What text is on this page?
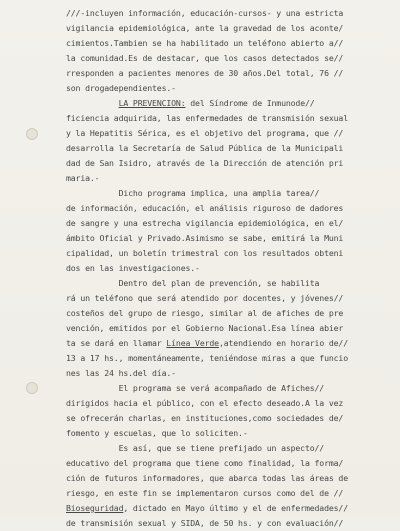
///-incluyen información, educación-cursos- y una estricta
vigilancia epidemiológica, ante la gravedad de los aconte/
cimientos.Tambien se ha habilitado un teléfono abierto a//
la comunidad.Es de destacar, que los casos detectados se//
rresponden a pacientes menores de 30 años.Del total, 76 //
son drogadependientes.-
LA PREVENCION: del Síndrome de Inmunode//
ficiencia adquirida, las enfermedades de transmisión sexual
y la Hepatitis Sérica, es el objetivo del programa, que //
desarrolla la Secretaría de Salud Pública de la Municipali
dad de San Isidro, através de la Dirección de atención pri
maria.-
Dicho programa implica, una amplia tarea//
de información, educación, el análisis riguroso de dadores
de sangre y una estrecha vigilancia epidemiológica, en el/
ámbito Oficial y Privado.Asimismo se sabe, emitirá la Muni
cipalidad, un boletín trimestral con los resultados obteni
dos en las investigaciones.-
Dentro del plan de prevención, se habilita
rá un teléfono que será atendido por docentes, y jóvenes//
costeños del grupo de riesgo, similar al de afiches de pre
vención, emitidos por el Gobierno Nacional.Esa línea abier
ta se dará en llamar Línea Verde,atendiendo en horario de//
13 a 17 hs., momentáneamente, teniéndose miras a que funcio
nes las 24 hs.del día.-
El programa se verá acompañado de Afiches//
dirigidos hacia el público, con el efecto deseado.A la vez
se ofrecerán charlas, en instituciones,como sociedades de/
fomento y escuelas, que lo soliciten.-
Es así, que se tiene prefijado un aspecto//
educativo del programa que tiene como finalidad, la forma/
ción de futuros informadores, que abarca todas las áreas de
riesgo, en este fin se implementaron cursos como del de //
Bioseguridad, dictado en Mayo último y el de enfermedades//
de transmisión sexual y SIDA, de 50 hs. y con evaluación//
